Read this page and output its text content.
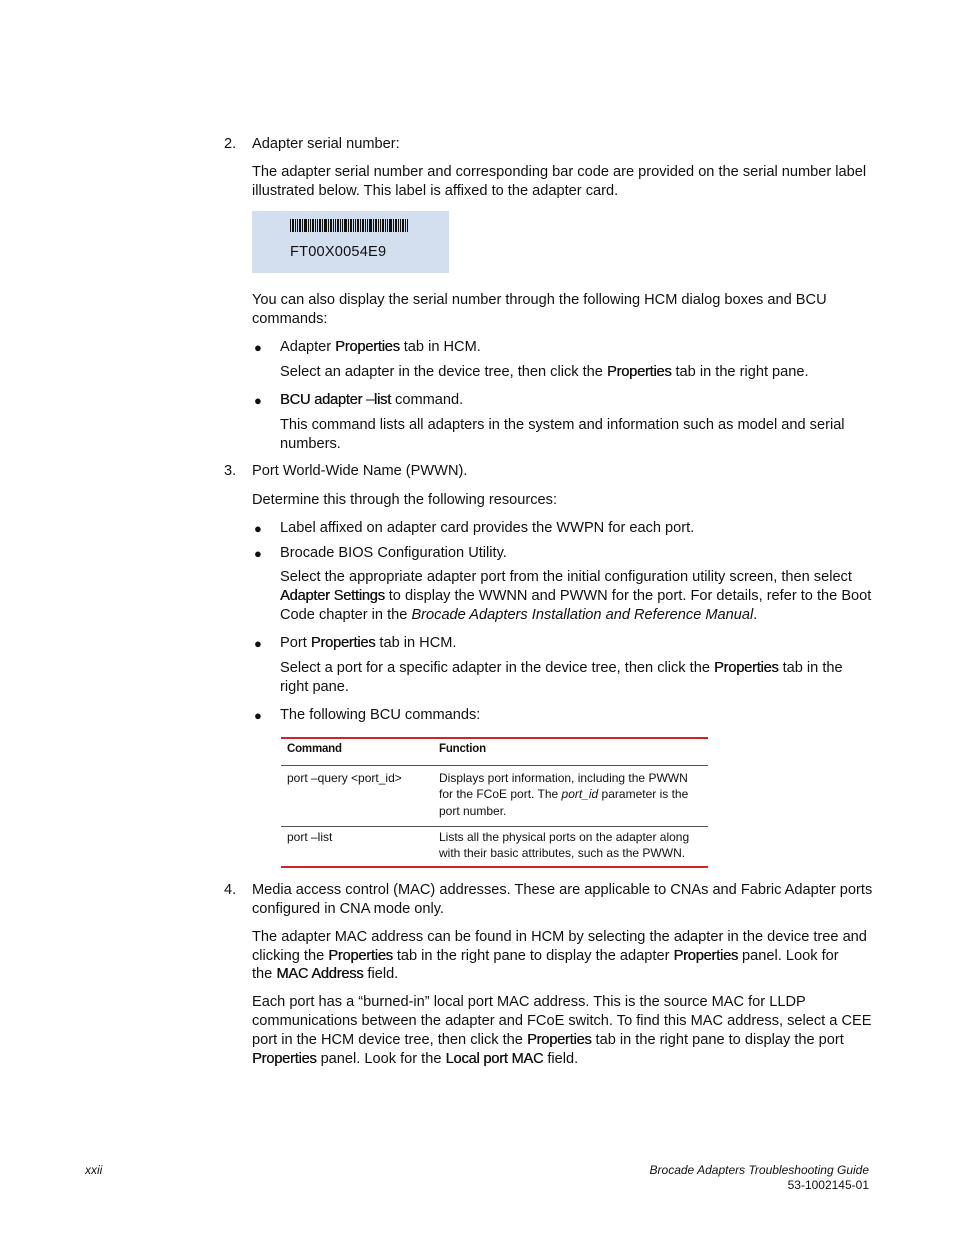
2. Adapter serial number:
The adapter serial number and corresponding bar code are provided on the serial number label illustrated below. This label is affixed to the adapter card.
FT00X0054E9
You can also display the serial number through the following HCM dialog boxes and BCU commands:
● Adapter Properties tab in HCM.
Select an adapter in the device tree, then click the Properties tab in the right pane.
● BCU adapter –list command.
This command lists all adapters in the system and information such as model and serial numbers.
3. Port World-Wide Name (PWWN).
Determine this through the following resources:
● Label affixed on adapter card provides the WWPN for each port.
● Brocade BIOS Configuration Utility.
Select the appropriate adapter port from the initial configuration utility screen, then select
Adapter Settings to display the WWNN and PWWN for the port. For details, refer to the Boot
Code chapter in the Brocade Adapters Installation and Reference Manual.
● Port Properties tab in HCM.
Select a port for a specific adapter in the device tree, then click the Properties tab in the
right pane.
● The following BCU commands:
Command	Function
port –query <port_id>	Displays port information, including the PWWN
for the FCoE port. The port_id parameter is the
port number.
port –list	Lists all the physical ports on the adapter along
with their basic attributes, such as the PWWN.
4. Media access control (MAC) addresses. These are applicable to CNAs and Fabric Adapter ports
configured in CNA mode only.
The adapter MAC address can be found in HCM by selecting the adapter in the device tree and
clicking the Properties tab in the right pane to display the adapter Properties panel. Look for
the MAC Address field.
Each port has a “burned-in” local port MAC address. This is the source MAC for LLDP
communications between the adapter and FCoE switch. To find this MAC address, select a CEE
port in the HCM device tree, then click the Properties tab in the right pane to display the port
Properties panel. Look for the Local port MAC field.
xxii	Brocade Adapters Troubleshooting Guide
53-1002145-01
